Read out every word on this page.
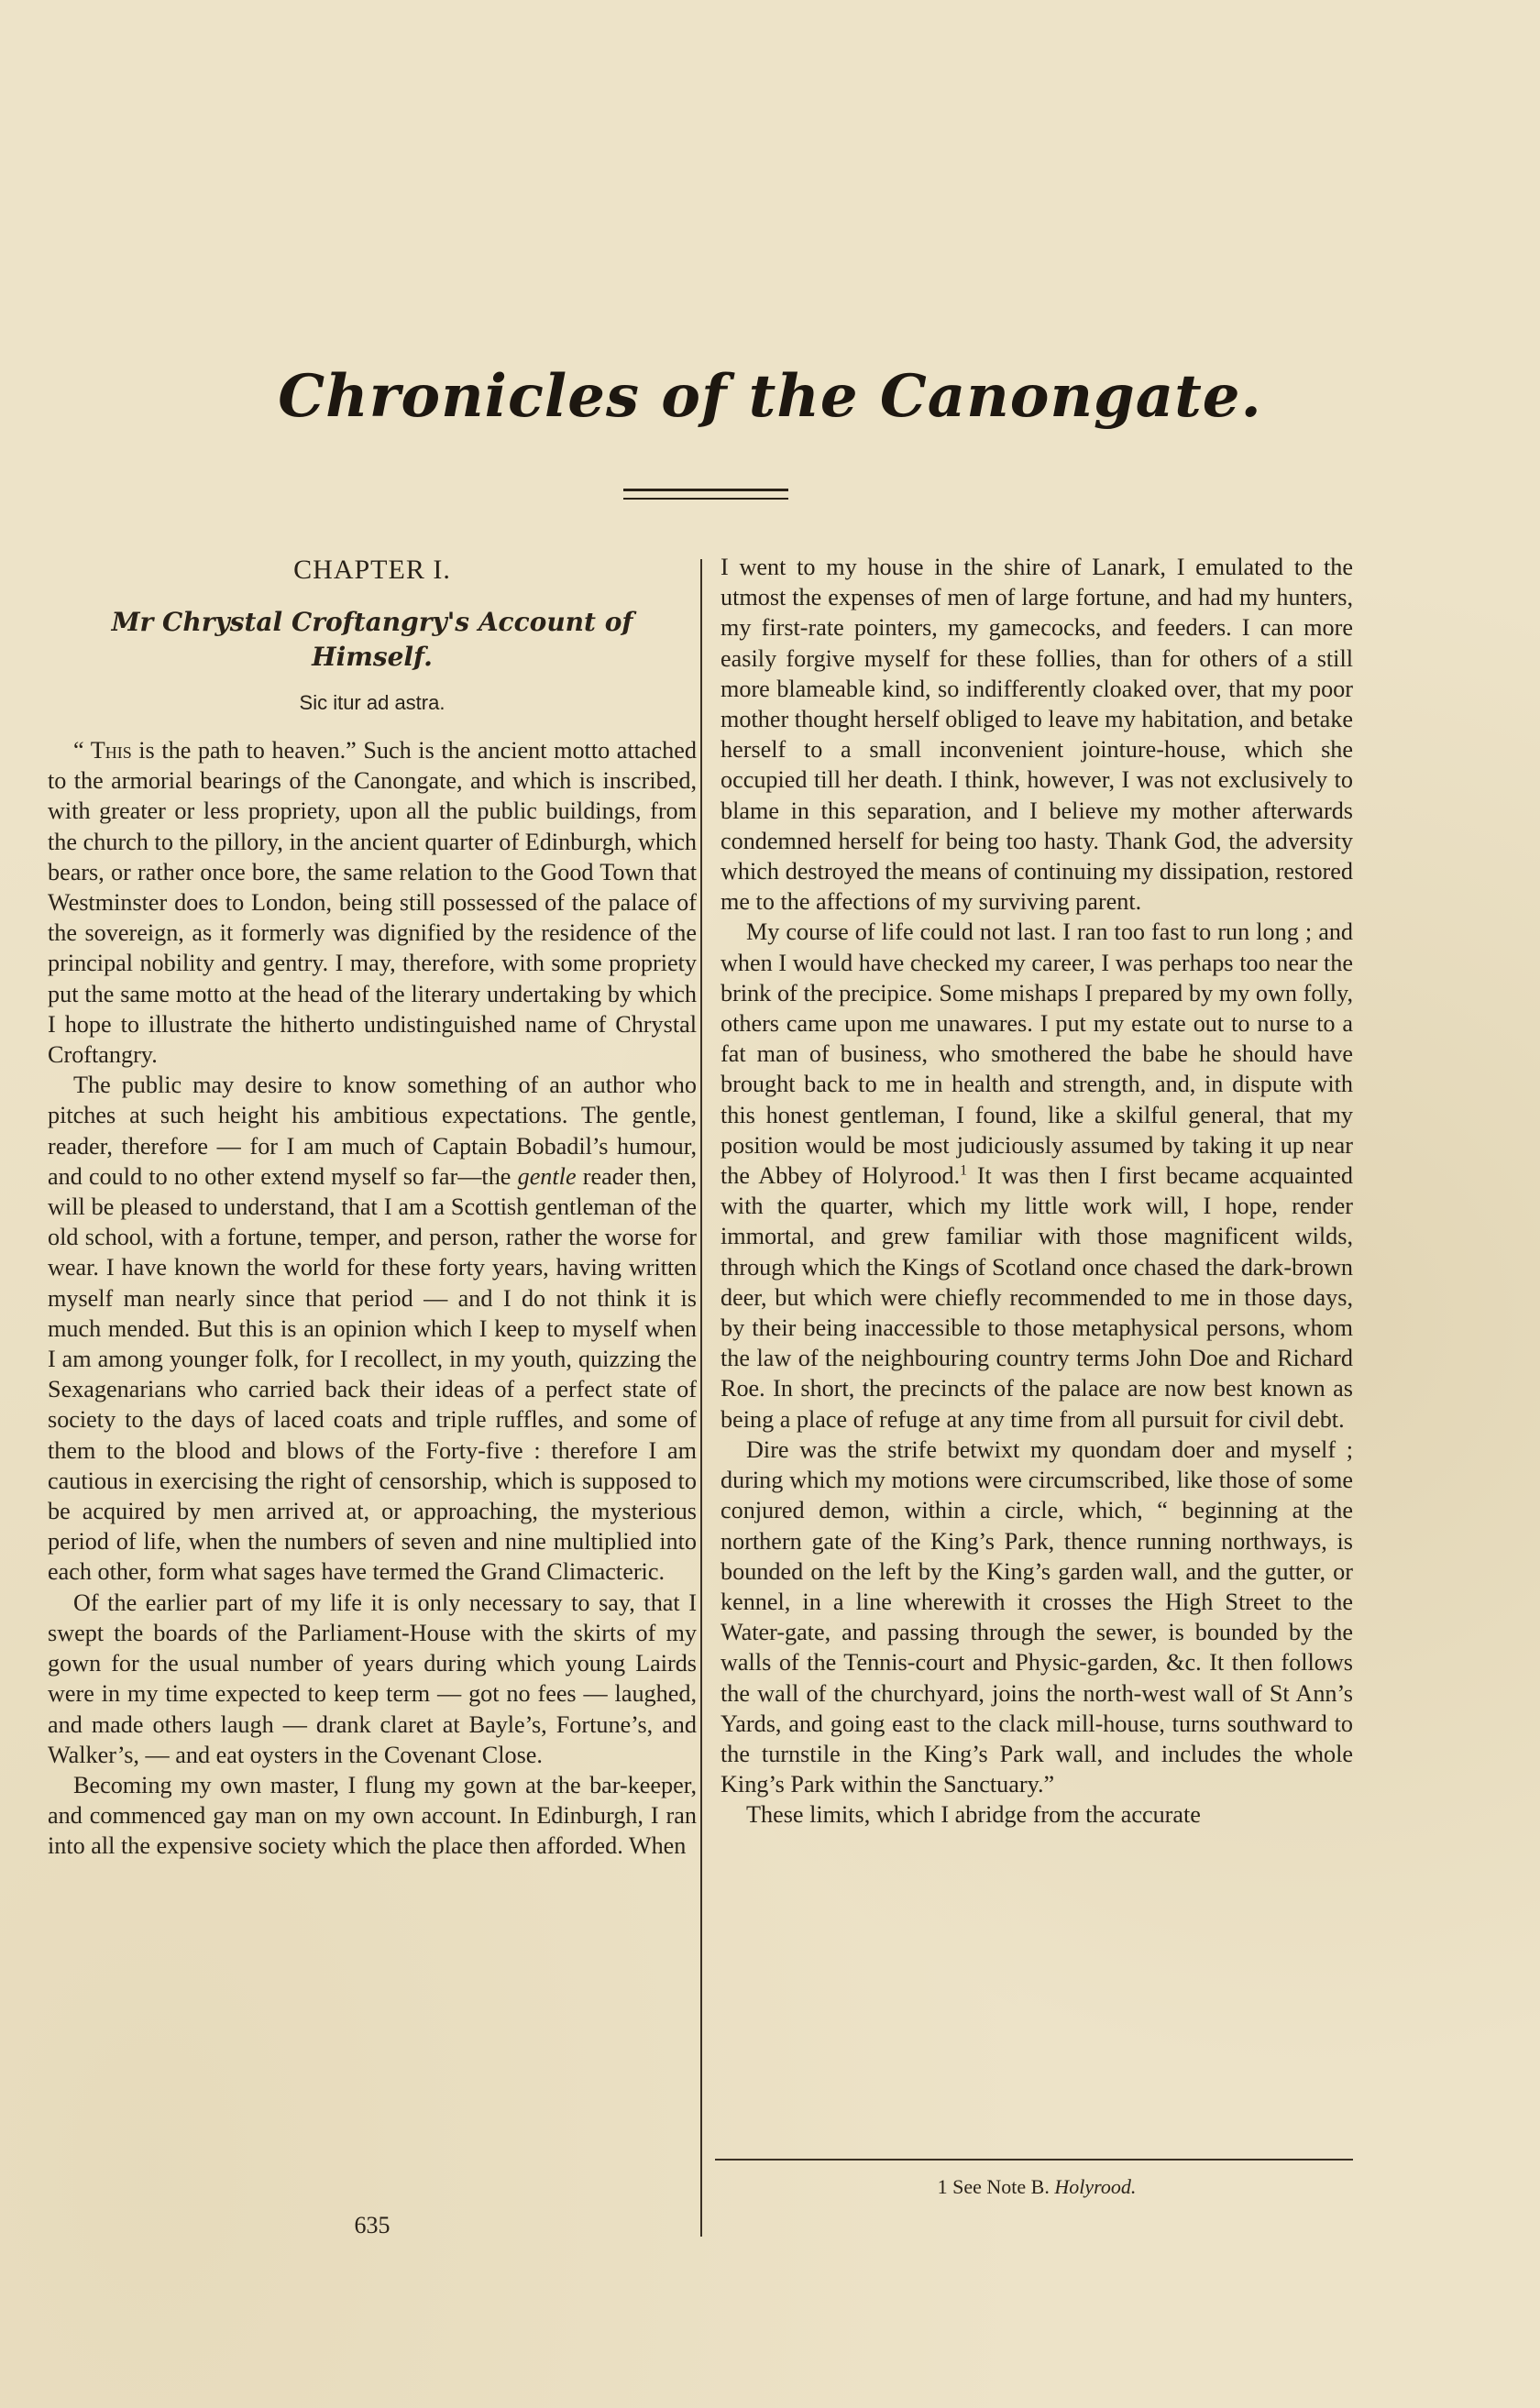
Chronicles of the Canongate.
CHAPTER I.
Mr Chrystal Croftangry's Account of Himself.
Sic itur ad astra.

“ This is the path to heaven.” Such is the ancient motto attached to the armorial bearings of the Canongate, and which is inscribed, with greater or less propriety, upon all the public buildings, from the church to the pillory, in the ancient quarter of Edinburgh, which bears, or rather once bore, the same relation to the Good Town that Westminster does to London, being still possessed of the palace of the sovereign, as it formerly was dignified by the residence of the principal nobility and gentry. I may, therefore, with some propriety put the same motto at the head of the literary undertaking by which I hope to illustrate the hitherto undistinguished name of Chrystal Croftangry.

The public may desire to know something of an author who pitches at such height his ambitious expectations. The gentle, reader, therefore — for I am much of Captain Bobadil’s humour, and could to no other extend myself so far—the gentle reader then, will be pleased to understand, that I am a Scottish gentleman of the old school, with a fortune, temper, and person, rather the worse for wear. I have known the world for these forty years, having written myself man nearly since that period — and I do not think it is much mended. But this is an opinion which I keep to myself when I am among younger folk, for I recollect, in my youth, quizzing the Sexagenarians who carried back their ideas of a perfect state of society to the days of laced coats and triple ruffles, and some of them to the blood and blows of the Forty-five : therefore I am cautious in exercising the right of censorship, which is supposed to be acquired by men arrived at, or approaching, the mysterious period of life, when the numbers of seven and nine multiplied into each other, form what sages have termed the Grand Climacteric.

Of the earlier part of my life it is only necessary to say, that I swept the boards of the Parliament-House with the skirts of my gown for the usual number of years during which young Lairds were in my time expected to keep term — got no fees — laughed, and made others laugh — drank claret at Bayle’s, Fortune’s, and Walker’s, — and eat oysters in the Covenant Close.

Becoming my own master, I flung my gown at the bar-keeper, and commenced gay man on my own account. In Edinburgh, I ran into all the expensive society which the place then afforded. When

I went to my house in the shire of Lanark, I emulated to the utmost the expenses of men of large fortune, and had my hunters, my first-rate pointers, my gamecocks, and feeders. I can more easily forgive myself for these follies, than for others of a still more blameable kind, so indifferently cloaked over, that my poor mother thought herself obliged to leave my habitation, and betake herself to a small inconvenient jointure-house, which she occupied till her death. I think, however, I was not exclusively to blame in this separation, and I believe my mother afterwards condemned herself for being too hasty. Thank God, the adversity which destroyed the means of continuing my dissipation, restored me to the affections of my surviving parent.

My course of life could not last. I ran too fast to run long ; and when I would have checked my career, I was perhaps too near the brink of the precipice. Some mishaps I prepared by my own folly, others came upon me unawares. I put my estate out to nurse to a fat man of business, who smothered the babe he should have brought back to me in health and strength, and, in dispute with this honest gentleman, I found, like a skilful general, that my position would be most judiciously assumed by taking it up near the Abbey of Holyrood.$^1$ It was then I first became acquainted with the quarter, which my little work will, I hope, render immortal, and grew familiar with those magnificent wilds, through which the Kings of Scotland once chased the dark-brown deer, but which were chiefly recommended to me in those days, by their being inaccessible to those metaphysical persons, whom the law of the neighbouring country terms John Doe and Richard Roe. In short, the precincts of the palace are now best known as being a place of refuge at any time from all pursuit for civil debt.

Dire was the strife betwixt my quondam doer and myself ; during which my motions were circumscribed, like those of some conjured demon, within a circle, which, “ beginning at the northern gate of the King’s Park, thence running northways, is bounded on the left by the King’s garden wall, and the gutter, or kennel, in a line wherewith it crosses the High Street to the Water-gate, and passing through the sewer, is bounded by the walls of the Tennis-court and Physic-garden, &c. It then follows the wall of the churchyard, joins the north-west wall of St Ann’s Yards, and going east to the clack mill-house, turns southward to the turnstile in the King’s Park wall, and includes the whole King’s Park within the Sanctuary.”

These limits, which I abridge from the accurate

635
1 See Note B. Holyrood.
